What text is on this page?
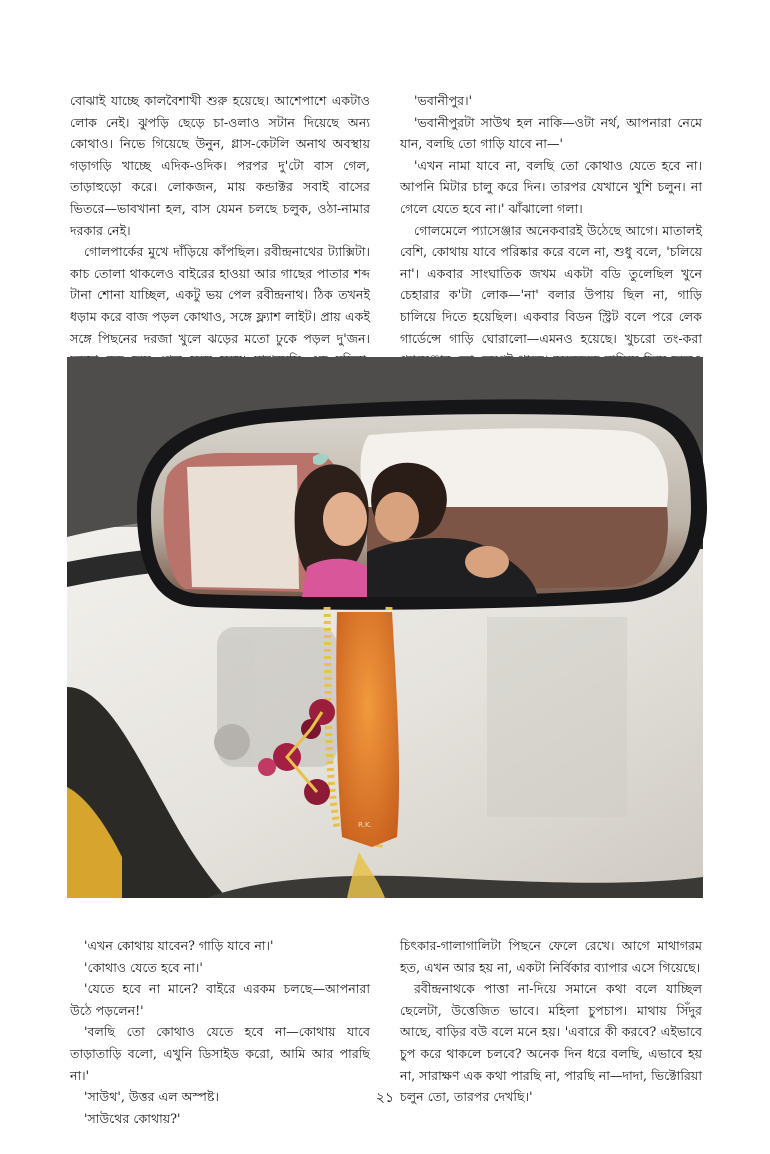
বোঝাই যাচ্ছে কালবৈশাখী শুরু হয়েছে। আশেপাশে একটাও লোক নেই। ঝুপড়ি ছেড়ে চা-ওলাও সটান দিয়েছে অন্য কোথাও। নিভে গিয়েছে উনুন, গ্লাস-কেটলি অনাথ অবস্থায় গড়াগড়ি খাচ্ছে এদিক-ওদিক। পরপর দু'টো বাস গেল, তাড়াহুড়ো করে। লোকজন, মায় কন্ডাক্টর সবাই বাসের ভিতরে—ভাবখানা হল, বাস যেমন চলছে চলুক, ওঠা-নামার দরকার নেই।

গোলপার্কের মুখে দাঁড়িয়ে কাঁপছিল। রবীন্দ্রনাথের ট্যাক্সিটা। কাচ তোলা থাকলেও বাইরের হাওয়া আর গাছের পাতার শব্দ টানা শোনা যাচ্ছিল, একটু ভয় পেল রবীন্দ্রনাথ। ঠিক তখনই ধড়াম করে বাজ পড়ল কোথাও, সঙ্গে ফ্ল্যাশ লাইট। প্রায় একই সঙ্গে পিছনের দরজা খুলে ঝড়ের মতো ঢুকে পড়ল দু'জন।

'ভবানীপুর।'

'ভবানীপুরটা সাউথ হল নাকি—ওটা নর্থ, আপনারা নেমে যান, বলছি তো গাড়ি যাবে না—'

'এখন নামা যাবে না, বলছি তো কোথাও যেতে হবে না। আপনি মিটার চালু করে দিন। তারপর যেখানে খুশি চলুন। না গেলে যেতে হবে না।' ঝাঁঝালো গলা।

গোলমেলে প্যাসেঞ্জার অনেকবারই উঠেছে আগে। মাতালই বেশি, কোথায় যাবে পরিষ্কার করে বলে না, শুধু বলে, 'চলিয়ে না'। একবার সাংঘাতিক জখম একটা বডি তুলেছিল খুনে চেহারার ক'টা লোক—'না' বলার উপায় ছিল না, গাড়ি চালিয়ে দিতে হয়েছিল। একবার বিডন স্ট্রিট বলে পরে লেক গার্ডেন্সে গাড়ি ঘোরালো—এমনও হয়েছে। খুচরো তং-করা

R.K.

'এখন কোথায় যাবেন? গাড়ি যাবে না।'

'কোথাও যেতে হবে না।'

'যেতে হবে না মানে? বাইরে এরকম চলছে—আপনারা উঠে পড়লেন!'

'বলছি তো কোথাও যেতে হবে না—কোথায় যাবে তাড়াতাড়ি বলো, এখুনি ডিসাইড করো, আমি আর পারছি না।'

'সাউথ', উত্তর এল অস্পষ্ট।

'সাউথের কোথায়?'

চিৎকার-গালাগালিটা পিছনে ফেলে রেখে। আগে মাথাগরম হত, এখন আর হয় না, একটা নির্বিকার ব্যাপার এসে গিয়েছে।

রবীন্দ্রনাথকে পাত্তা না-দিয়ে সমানে কথা বলে যাচ্ছিল ছেলেটা, উত্তেজিত ভাবে। মহিলা চুপচাপ। মাথায় সিঁদুর আছে, বাড়ির বউ বলে মনে হয়। 'এবারে কী করবে? এইভাবে চুপ করে থাকলে চলবে? অনেক দিন ধরে বলছি, এভাবে হয় না, সারাক্ষণ এক কথা পারছি না, পারছি না—দাদা, ভিক্টোরিয়া চলুন তো, তারপর দেখছি।'

২১
